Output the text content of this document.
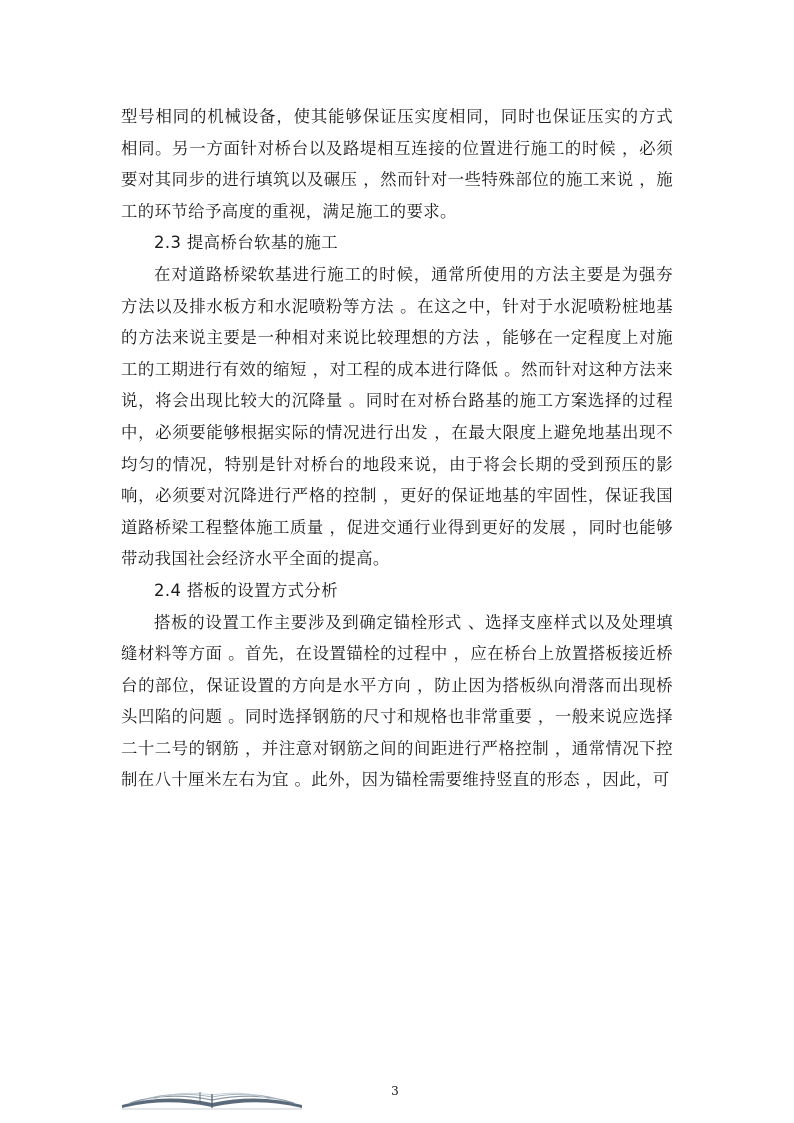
型号相同的机械设备，使其能够保证压实度相同，同时也保证压实的方式相同。另一方面针对桥台以及路堤相互连接的位置进行施工的时候 ，必须要对其同步的进行填筑以及碾压 ，然而针对一些特殊部位的施工来说 ，施工的环节给予高度的重视，满足施工的要求。

2.3 提高桥台软基的施工

在对道路桥梁软基进行施工的时候，通常所使用的方法主要是为强夯方法以及排水板方和水泥喷粉等方法 。在这之中，针对于水泥喷粉桩地基的方法来说主要是一种相对来说比较理想的方法 ，能够在一定程度上对施工的工期进行有效的缩短 ，对工程的成本进行降低 。然而针对这种方法来说，将会出现比较大的沉降量 。同时在对桥台路基的施工方案选择的过程中，必须要能够根据实际的情况进行出发 ，在最大限度上避免地基出现不均匀的情况，特别是针对桥台的地段来说，由于将会长期的受到预压的影响，必须要对沉降进行严格的控制 ，更好的保证地基的牢固性，保证我国道路桥梁工程整体施工质量 ，促进交通行业得到更好的发展 ，同时也能够带动我国社会经济水平全面的提高。

2.4 搭板的设置方式分析

搭板的设置工作主要涉及到确定锚栓形式 、选择支座样式以及处理填缝材料等方面 。首先，在设置锚栓的过程中 ，应在桥台上放置搭板接近桥台的部位，保证设置的方向是水平方向 ，防止因为搭板纵向滑落而出现桥头凹陷的问题 。同时选择钢筋的尺寸和规格也非常重要 ，一般来说应选择二十二号的钢筋 ，并注意对钢筋之间的间距进行严格控制 ，通常情况下控制在八十厘米左右为宜 。此外，因为锚栓需要维持竖直的形态 ，因此，可

3
